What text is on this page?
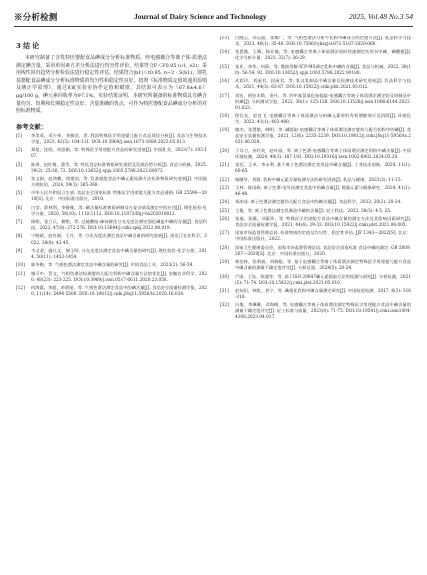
※分析检测	Journal of Dairy Science and Technology	2025, Vol.48 No.3 54
3 结 论

本研究制备了含乳特医婴配食品碘成分分析标准物质，经电感耦合等离子体-质谱法测定碘含量，采用单因素方差分析法进行均匀性评价，结果符合F＜F0.05 (ν1, ν2)；采用线性回归趋势分析检验法进行稳定性评估，结果符合|b1|＜t0.95, n−2 · S(b1)，即乳基婴配食品碘成分分析标准物质的均匀性和稳定性良好。按照《标准物质定值的通用原则及统计学原理》，通过8家实验室协作定值和赋值，其结果可表示为（67.8±4.6）μg/100 g，碘元素回收率为97.1%。实验结果证明，本研究所制备的标准物质具有碘含量均匀、短期和长期稳定性良好、含量准确的优点，可作为特医婴配食品碘成分分析的对照标准物质。

参考文献：
[1]	李美英，邓少伟，李雅君，等. 我国特殊医学用途婴儿配方食品现状分析[J]. 食品与生物技术学报，2023, 42(5): 104-111. DOI:10.3969/j.issn.1673-1689.2023.05.013.
[2]	郑旭，沈欣，周思颖，等. 特殊医学用途配方食品的研究进展[J]. 中国乳业，2023(7): 103-107.
[3]	陈琪，赵红梅，董雪，等. 特医食品标准物质研究现状及发展趋势分析[J]. 食品与机械，2025, 39(2): 25-30, 72. DOI:10.13652/j.spjx.1003.5788.2022.60072.
[4]	张文娟，赵鸿鹏，徐建国，等. 乳基婴配食品中碘元素检测方法标准物质研究进展[J]. 中国地方病防治，2024, 39(3): 365-368.
[5]	中华人民共和国卫生部. 食品安全国家标准 特殊医学用途婴儿配方食品通则: GB 25596—2010[S]. 北京：中国标准出版社，2010.
[6]	白莹，薛林利，李静雅，等. 碘含量标准物质研制及在复杂基质测定中的应用[J]. 理化检验-化学分册，2020, 56(10): 1110-1112. DOI:10.11973/lhjy-hx202010012.
[7]	杨铭，张立兵，柳艳，等. 过硫酸铵-砷铈催化分光光度法测定强化碘盐中碘的含量[J]. 食品科技，2022, 47(8): 272-276. DOI:10.13684/j.cnki.spkj.2022.08.019.
[8]	宁晓斌，赵有刚，王丹，等. 分光光度法测定食品中碘含量的研究进展[J]. 黑龙江农业科学，2022, 38(8): 42-45.
[9]	韦文金，施凡文，谢玉明. 分光光度法测定食品中碘含量的研究[J]. 理化检验-化学分册，2014, 50(11): 1453-1454.
[10]	陈冬梅，等. 气相色谱法测定食品中碘含量的研究[J]. 中国食品工业，2023(2): 56-59.
[11]	谢可中，蔡文，气相色谱法检测婴幼儿配方奶粉中碘含量方法的优化[J]. 安徽农业科学，2020, 48(23): 223-225. DOI:10.3969/j.issn.0517-6611.2020.23.058.
[12]	何海露，李超，余碧丽，等. 气相色谱法测定食品中的碘含量[J]. 食品安全质量检测学报，2020, 11(14): 5494-5500. DOI:10.19812/j.cnki.jfsq11-5956/ts.2020.16.038.
[13]	白晓云，苏运丽，张娜广，等. 气相色谱法分析牛乳粉中碘成分的定值方法[J]. 乳品科学与技术，2023, 46(1): 35-40. DOI:10.7506/rykxyjs1671-5187-2020-060.
[14]	张恩微，王娜，杨亚楠，等. 电感耦合等离子体质谱法同时快速测定饮用水中碘、碘酸根[J]. 化学分析计量，2023, 32(7): 26-29.
[15]	朱亚，李华，何蔚，等. 微波消解-ICP-MS测定乳粉中碘的含量[J]. 食品与机械，2022, 38(10): 56-54, 92. DOI:10.13652/j.spjx.1003.5788.2022.90188.
[16]	武彩玲，刘丽君，段丽君，等. 乳及乳制品中碘含量及检测技术研究进展[J]. 乳品科学与技术，2021, 44(5): 63-67. DOI:10.15922/j.cnki.jdst.2021.05.012.
[17]	邓宏，阿拉木斯，金丹，等. 四甲基氢氧化铵提取-电感耦合等离子体质谱法测定奶及奶制品中的碘[J]. 分析测试学报，2022, 38(1): 125-128. DOI:10.13526/j.issn.1006-6144.2022.01.023.
[18]	徐长友，赵良飞. 电感耦合等离子体质谱法分析碘元素时的有机增敏效应及消除[J]. 环境化学，2022, 41(1): 403-408.
[19]	谢杰，张慧敏，韩明，等. 碱提取-电感耦合等离子体质谱法测定婴幼儿配方奶粉中的碘[J]. 食品安全质量检测学报，2021, 12(6): 2235-2239. DOI:10.19812/j.cnki.jfsq11-5956/ts.2021.06.028.
[20]	于耳刀，孙红英，赵叶丽，等. 离子色谱-电感耦合等离子体质谱法测定奶粉中碘含量[J]. 中国环境检测，2024, 40(3): 187-193. DOI:10.19316/j.issn.1002-6002.2024.05.20.
[21]	金克，王卓，李永利. 基于离子色谱法测定食用盐中碘含量[J]. 工业技术创新，2024, 11(1): 60-65.
[22]	杨继华，刘群. 乳粉中碘元素含量检测方法的研究进展[J]. 乳品与健康，2023(3): 11-15.
[23]	王林，陈国栋. 离子色谱-电导法测定食盐中的碘含量[J]. 数量元素与健康研究，2024, 41(1): 46-48.
[24]	邹冰冰. 离子色谱法测定婴幼儿配方食品中的碘含量[J]. 食品科学，2023, 20(2): 20-24.
[25]	王俊，等. 离子色谱法测定乳制品中碘的含量[J]. 轻工科技，2022, 38(3): 4-5, 25.
[26]	张瑜，张薇，刘素珍，等. 特殊医学用途配方食品中碘含量的测定方法及其影响因素研究[J]. 食品安全质量检测学报，2021, 44(6): 29-33. DOI:10.15922/j.cnki.jdst.2021.06.005.
[27]	国家市场监督管理总局. 标准物质的定值及均匀性、稳定性评估: JJF 1343—2022[S]. 北京：中国标准出版社，2022.
[28]	国家卫生健康委员会，国家市场监督管理总局. 食品安全国家标准 食品中碘的测定: GB 5009.267—2020[S]. 北京：中国标准出版社，2020.
[29]	林治林，张明福，刘晓聪，等. 基于电感耦合等离子体质谱法测定特殊医学用途婴儿配方食品中碘含量的测量不确定度评定[J]. 分析仪器，2024(5): 20-24.
[30]	严丽，王钰，陈涵等，等. 基于ISO 20647碘元素提取方法的检测与研究[J]. 分析检测，2021(5): 71-74. DOI:10.15922/j.cnki.jdst.2021.05.010.
[31]	赵东阳，林熙，刘宁，等. 碘强化乳粉中碘含量测定研究[J]. 中国检验检测，2017, 8(3): 316-318.
[32]	冯俊，李琳琳，邓海梅，等. 电感耦合等离子体质谱法测定特殊医学用途配方食品中碘含量的测量不确定度评定[J]. 轻工标准与质量，2023(4): 71-75. DOI:10.19541/j.cnki.issn1004-4108.2023.04.017.
